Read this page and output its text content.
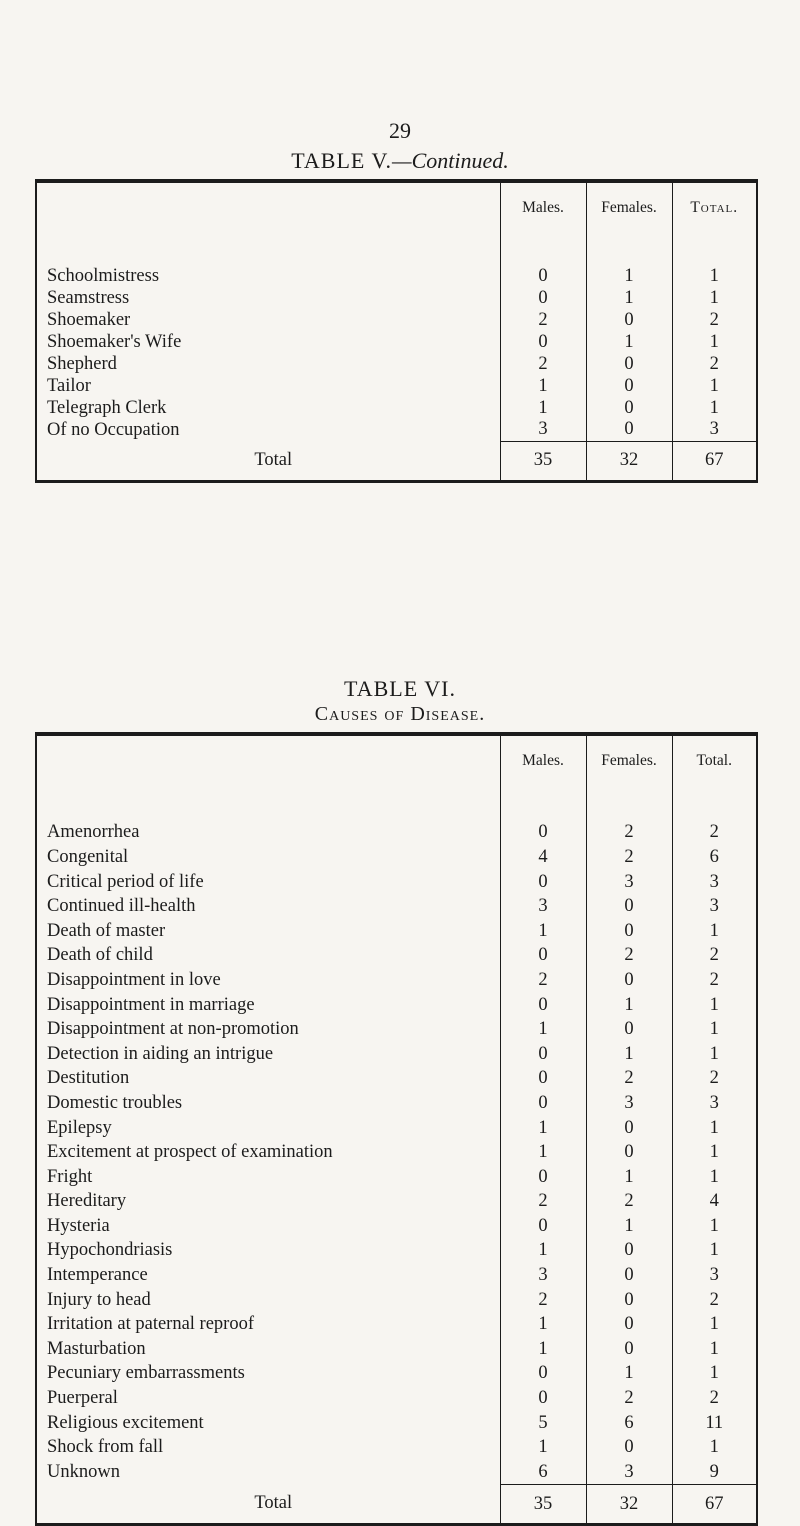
29
TABLE V.—Continued.
	Males.	Females.	Total.

Schoolmistress	0	1	1
Seamstress	0	1	1
Shoemaker	2	0	2
Shoemaker's Wife	0	1	1
Shepherd	2	0	2
Tailor	1	0	1
Telegraph Clerk	1	0	1
Of no Occupation	3	0	3
Total	35	32	67
TABLE VI.
Causes of Disease.
	Males.	Females.	Total.

Amenorrhea	0	2	2
Congenital	4	2	6
Critical period of life	0	3	3
Continued ill-health	3	0	3
Death of master	1	0	1
Death of child	0	2	2
Disappointment in love	2	0	2
Disappointment in marriage	0	1	1
Disappointment at non-promotion	1	0	1
Detection in aiding an intrigue	0	1	1
Destitution	0	2	2
Domestic troubles	0	3	3
Epilepsy	1	0	1
Excitement at prospect of examination	1	0	1
Fright	0	1	1
Hereditary	2	2	4
Hysteria	0	1	1
Hypochondriasis	1	0	1
Intemperance	3	0	3
Injury to head	2	0	2
Irritation at paternal reproof	1	0	1
Masturbation	1	0	1
Pecuniary embarrassments	0	1	1
Puerperal	0	2	2
Religious excitement	5	6	11
Shock from fall	1	0	1
Unknown	6	3	9
Total	35	32	67
